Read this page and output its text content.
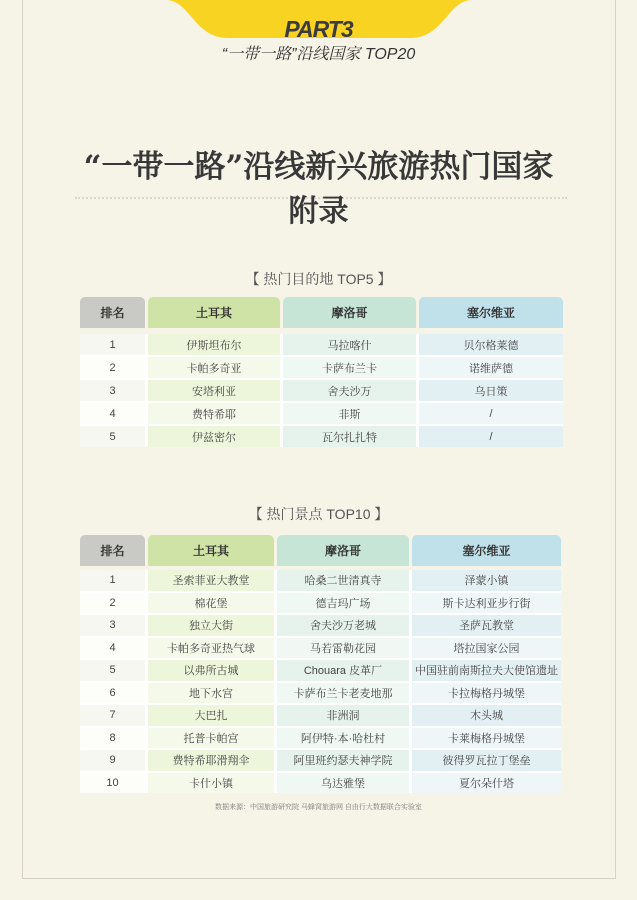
PART3
“一带一路”沿线国家 TOP20
“一带一路”沿线新兴旅游热门国家
附录
【 热门目的地 TOP5 】
排名	土耳其	摩洛哥	塞尔维亚
1	伊斯坦布尔	马拉喀什	贝尔格莱德
2	卡帕多奇亚	卡萨布兰卡	诺维萨德
3	安塔利亚	舍夫沙万	乌日策
4	费特希耶	非斯	/
5	伊兹密尔	瓦尔扎扎特	/
【 热门景点 TOP10 】
排名	土耳其	摩洛哥	塞尔维亚
1	圣索菲亚大教堂	哈桑二世清真寺	泽蒙小镇
2	棉花堡	德吉玛广场	斯卡达利亚步行街
3	独立大街	舍夫沙万老城	圣萨瓦教堂
4	卡帕多奇亚热气球	马若雷勒花园	塔拉国家公园
5	以弗所古城	Chouara 皮革厂	中国驻前南斯拉夫大使馆遗址
6	地下水宫	卡萨布兰卡老麦地那	卡拉梅格丹城堡
7	大巴扎	非洲洞	木头城
8	托普卡帕宫	阿伊特·本·哈杜村	卡莱梅格丹城堡
9	费特希耶滑翔伞	阿里班约瑟夫神学院	彼得罗瓦拉丁堡垒
10	卡什小镇	乌达雅堡	夏尔朵什塔
数据来源：中国旅游研究院 马蜂窝旅游网 自由行大数据联合实验室
